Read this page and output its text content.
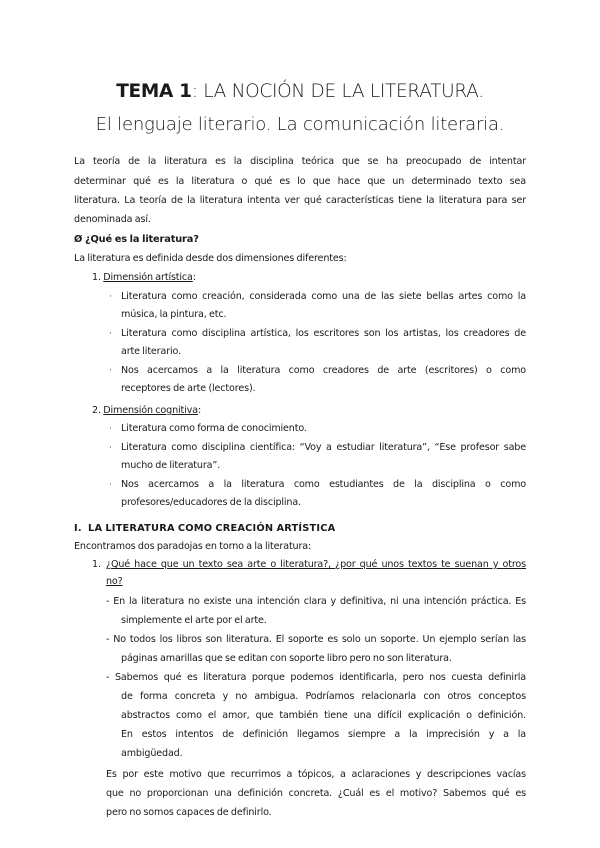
TEMA 1: LA NOCIÓN DE LA LITERATURA.
El lenguaje literario. La comunicación literaria.
La teoría de la literatura es la disciplina teórica que se ha preocupado de intentar
determinar qué es la literatura o qué es lo que hace que un determinado texto sea
literatura. La teoría de la literatura intenta ver qué características tiene la literatura para ser
denominada así.
Ø ¿Qué es la literatura?
La literatura es definida desde dos dimensiones diferentes:
1. Dimensión artística:
· Literatura como creación, considerada como una de las siete bellas artes como la
música, la pintura, etc.
· Literatura como disciplina artística, los escritores son los artistas, los creadores de
arte literario.
· Nos acercamos a la literatura como creadores de arte (escritores) o como
receptores de arte (lectores).
2. Dimensión cognitiva:
· Literatura como forma de conocimiento.
· Literatura como disciplina científica: “Voy a estudiar literatura”, “Ese profesor sabe
mucho de literatura”.
· Nos acercamos a la literatura como estudiantes de la disciplina o como
profesores/educadores de la disciplina.
I. LA LITERATURA COMO CREACIÓN ARTÍSTICA
Encontramos dos paradojas en torno a la literatura:
1. ¿Qué hace que un texto sea arte o literatura?, ¿por qué unos textos te suenan y otros
no?
- En la literatura no existe una intención clara y definitiva, ni una intención práctica. Es
simplemente el arte por el arte.
- No todos los libros son literatura. El soporte es solo un soporte. Un ejemplo serían las
páginas amarillas que se editan con soporte libro pero no son literatura.
- Sabemos qué es literatura porque podemos identificarla, pero nos cuesta definirla
de forma concreta y no ambigua. Podríamos relacionarla con otros conceptos
abstractos como el amor, que también tiene una difícil explicación o definición.
En estos intentos de definición llegamos siempre a la imprecisión y a la
ambigüedad.
Es por este motivo que recurrimos a tópicos, a aclaraciones y descripciones vacías
que no proporcionan una definición concreta. ¿Cuál es el motivo? Sabemos qué es
pero no somos capaces de definirlo.
